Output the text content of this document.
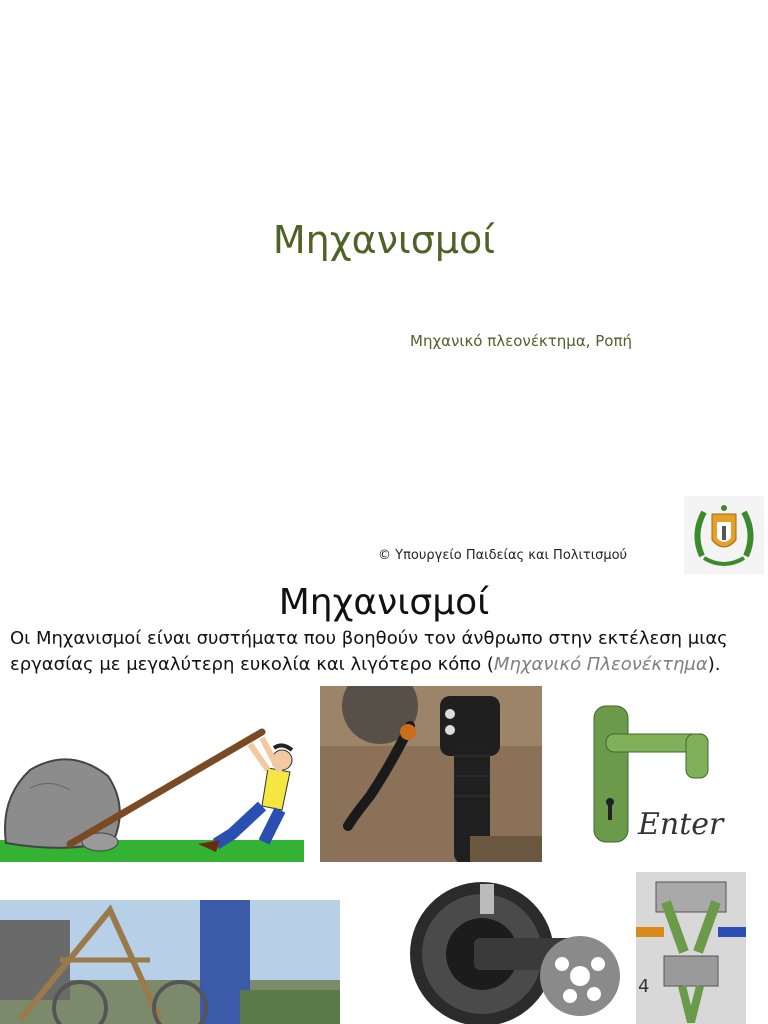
Μηχανισμοί
Μηχανικό πλεονέκτημα, Ροπή
© Υπουργείο Παιδείας και Πολιτισμού
Μηχανισμοί
Οι Μηχανισμοί είναι συστήματα που βοηθούν τον άνθρωπο στην εκτέλεση μιας εργασίας με μεγαλύτερη ευκολία και λιγότερο κόπο (Μηχανικό Πλεονέκτημα).
Enter
4
